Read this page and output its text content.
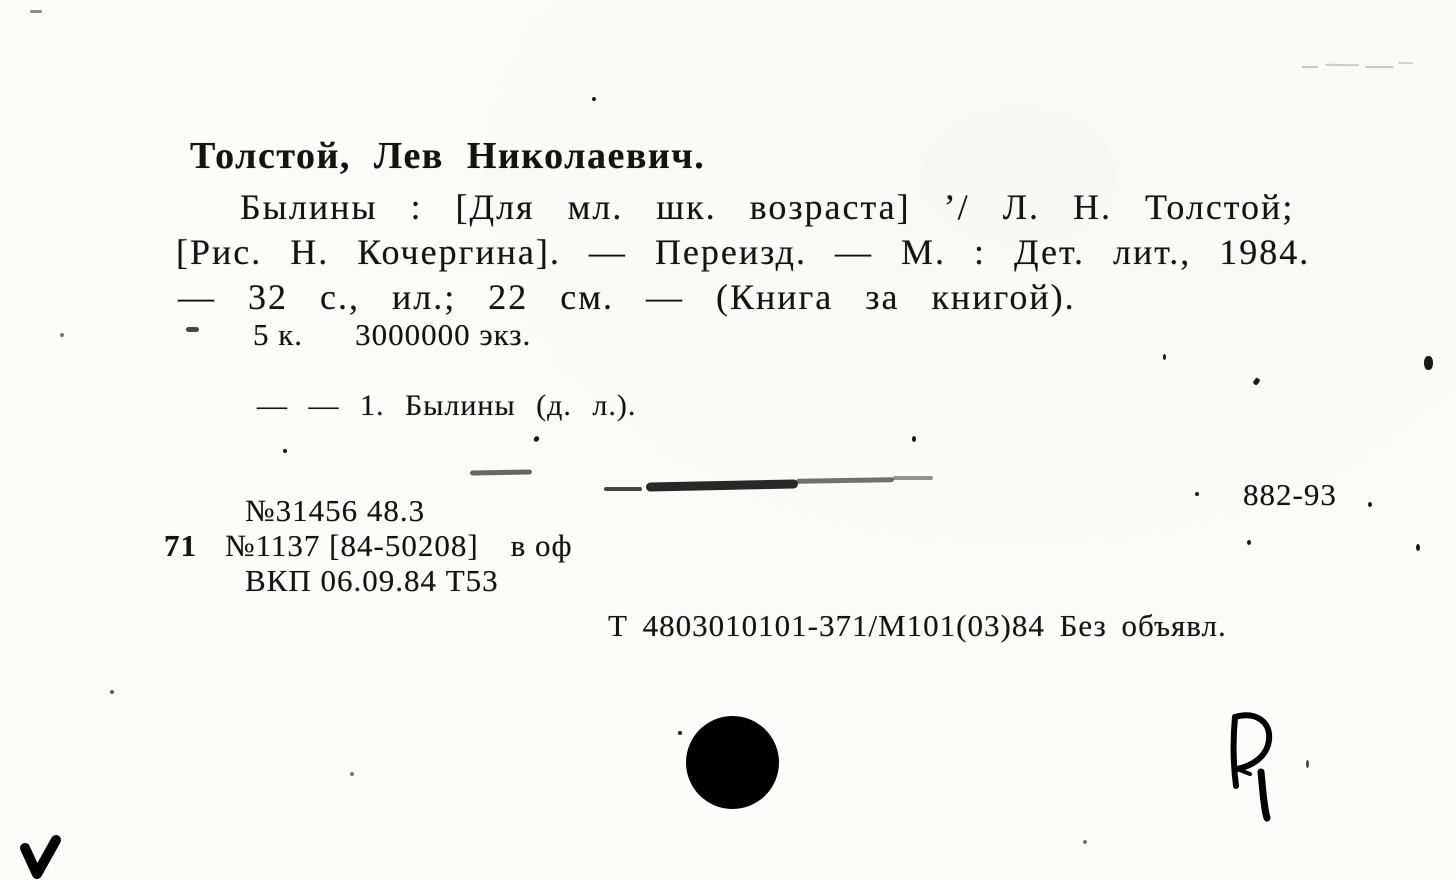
Толстой, Лев Николаевич.
Былины : [Для мл. шк. возраста] ’/ Л. Н. Толстой;
[Рис. Н. Кочергина]. — Переизд. — М. : Дет. лит., 1984.
— 32 с., ил.; 22 см. — (Книга за книгой).
5 к. 3000000 экз.
— — 1. Былины (д. л.).
882-93
№31456 48.3
71 №1137 [84-50208] в оф
ВКП 06.09.84 Т53
Т 4803010101-371/М101(03)84 Без объявл.
